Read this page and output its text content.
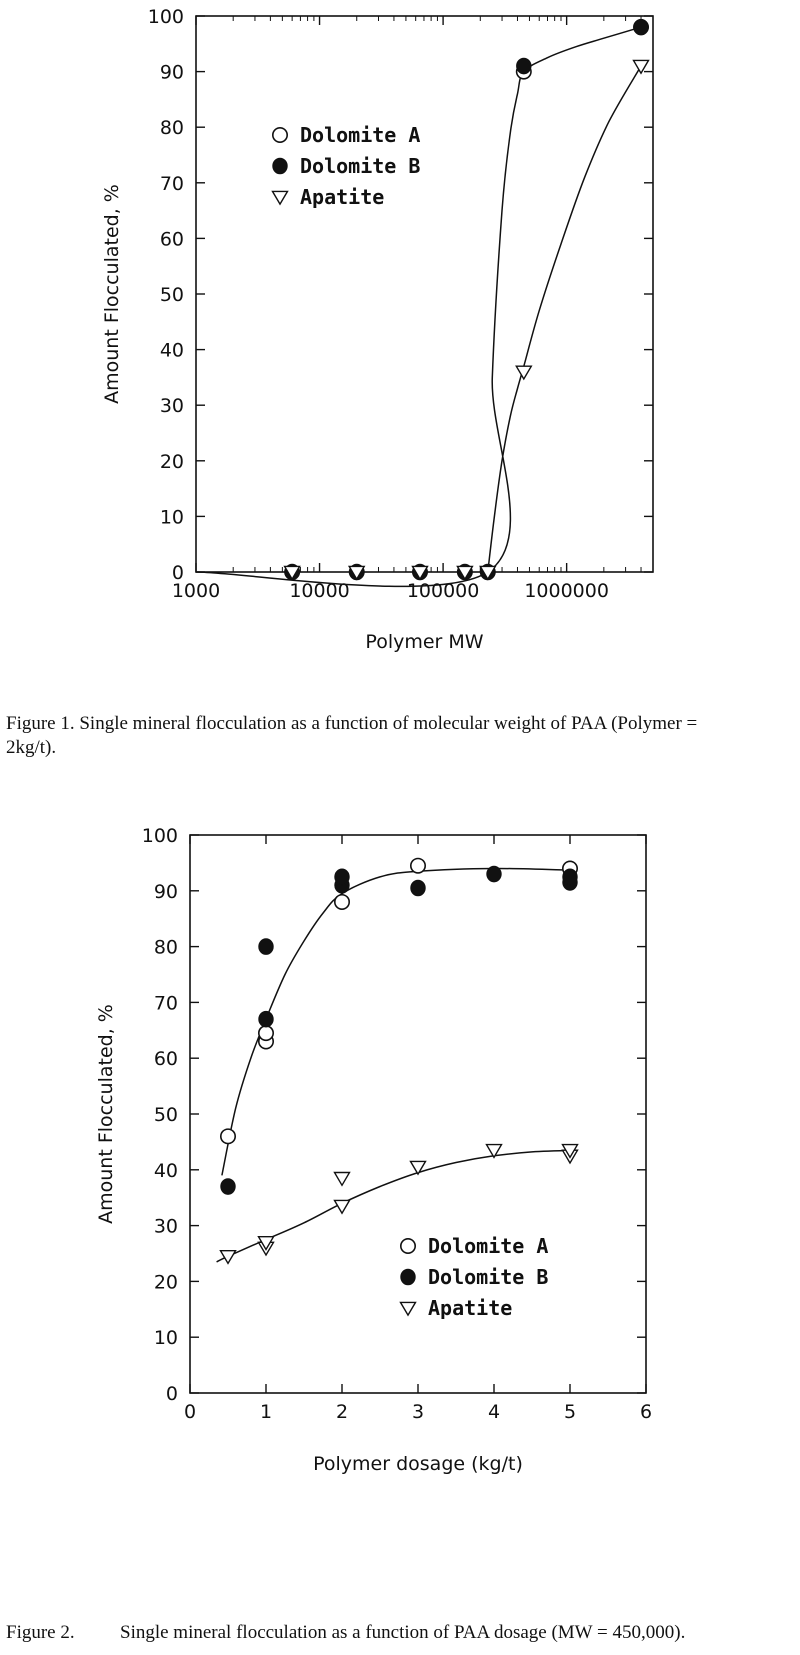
0
10
20
30
40
50
60
70
80
90
100
1000	10000	100000 1000000
Polymer MW
Amount Flocculated, %
Dolomite A
Dolomite B
Apatite
0
10
20
30
40
50
60
70
80
90
100
0	1	2	3	4	5	6
Polymer dosage (kg/t)
Amount Flocculated, %
Dolomite A
Dolomite B
Apatite
Figure 1. Single mineral flocculation as a function of molecular weight of PAA (Polymer =
2kg/t).
Figure 2. Single mineral flocculation as a function of PAA dosage (MW = 450,000).
